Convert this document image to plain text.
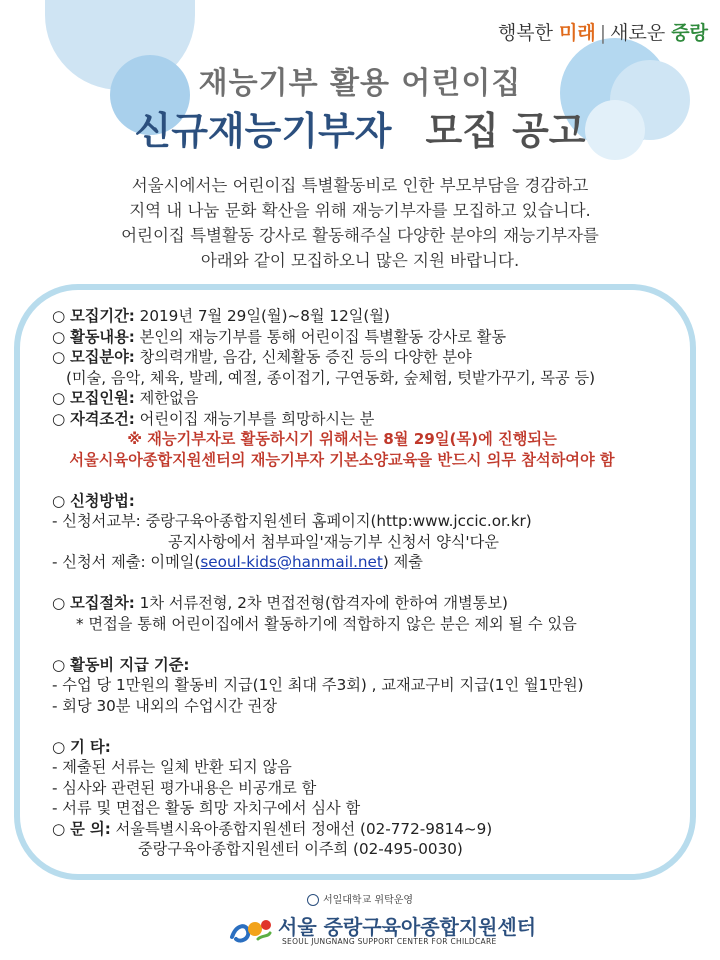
행복한 미래 | 새로운 중랑
재능기부 활용 어린이집
신규재능기부자 모집 공고
서울시에서는 어린이집 특별활동비로 인한 부모부담을 경감하고
지역 내 나눔 문화 확산을 위해 재능기부자를 모집하고 있습니다.
어린이집 특별활동 강사로 활동해주실 다양한 분야의 재능기부자를
아래와 같이 모집하오니 많은 지원 바랍니다.
○ 모집기간: 2019년 7월 29일(월)~8월 12일(월)
○ 활동내용: 본인의 재능기부를 통해 어린이집 특별활동 강사로 활동
○ 모집분야: 창의력개발, 음감, 신체활동 증진 등의 다양한 분야
(미술, 음악, 체육, 발레, 예절, 종이접기, 구연동화, 숲체험, 텃밭가꾸기, 목공 등)
○ 모집인원: 제한없음
○ 자격조건: 어린이집 재능기부를 희망하시는 분
※ 재능기부자로 활동하시기 위해서는 8월 29일(목)에 진행되는
서울시육아종합지원센터의 재능기부자 기본소양교육을 반드시 의무 참석하여야 함
○ 신청방법:
- 신청서교부: 중랑구육아종합지원센터 홈페이지(http:www.jccic.or.kr)
공지사항에서 첨부파일'재능기부 신청서 양식'다운
- 신청서 제출: 이메일(seoul-kids@hanmail.net) 제출
○ 모집절차: 1차 서류전형, 2차 면접전형(합격자에 한하여 개별통보)
* 면접을 통해 어린이집에서 활동하기에 적합하지 않은 분은 제외 될 수 있음
○ 활동비 지급 기준:
- 수업 당 1만원의 활동비 지급(1인 최대 주3회) , 교재교구비 지급(1인 월1만원)
- 회당 30분 내외의 수업시간 권장
○ 기 타:
- 제출된 서류는 일체 반환 되지 않음
- 심사와 관련된 평가내용은 비공개로 함
- 서류 및 면접은 활동 희망 자치구에서 심사 함
○ 문 의: 서울특별시육아종합지원센터 정애선 (02-772-9814~9)
중랑구육아종합지원센터 이주희 (02-495-0030)
서일대학교 위탁운영
서울 중랑구육아종합지원센터
SEOUL JUNGNANG SUPPORT CENTER FOR CHILDCARE
